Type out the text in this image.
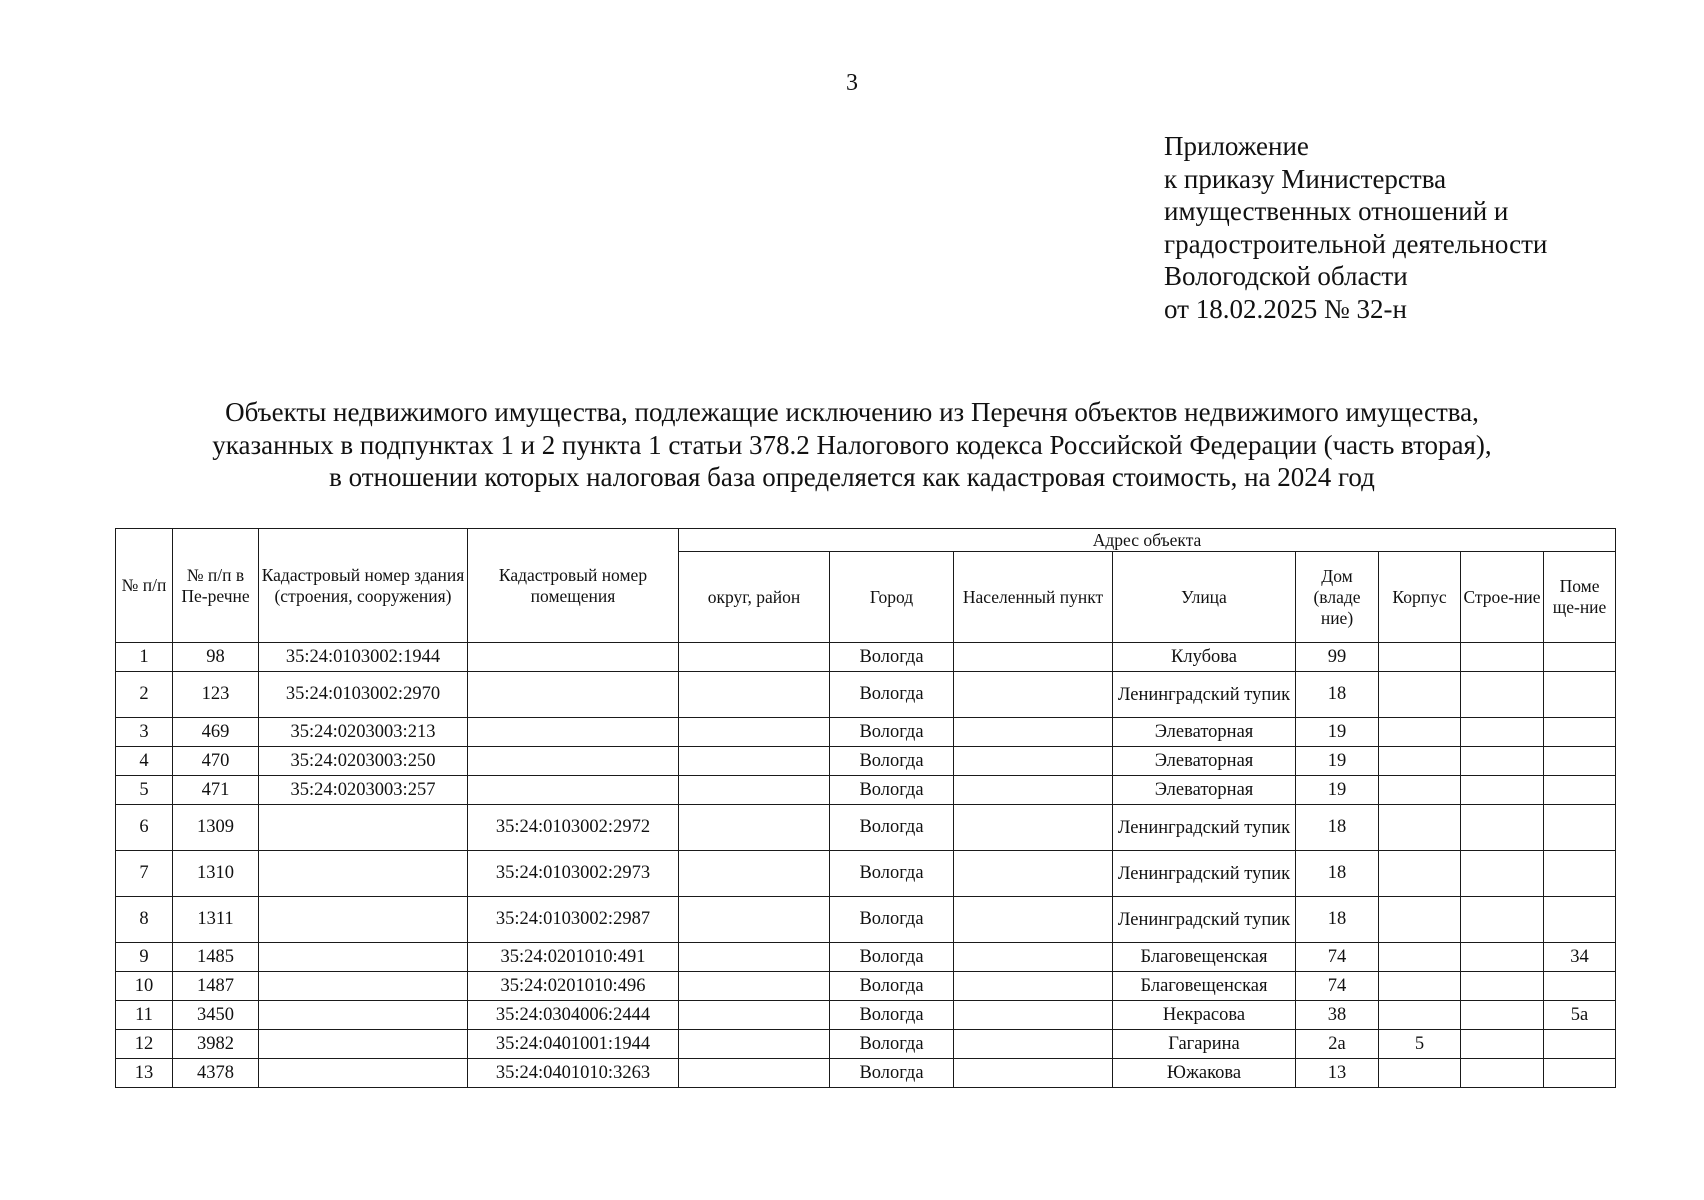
3
Приложение
к приказу Министерства
имущественных отношений и
градостроительной деятельности
Вологодской области
от 18.02.2025 № 32-н
Объекты недвижимого имущества, подлежащие исключению из Перечня объектов недвижимого имущества,
указанных в подпунктах 1 и 2 пункта 1 статьи 378.2 Налогового кодекса Российской Федерации (часть вторая),
в отношении которых налоговая база определяется как кадастровая стоимость, на 2024 год
№ п/п	№ п/п в Пе-речне	Кадастровый номер здания (строения, сооружения)	Кадастровый номер помещения	Адрес объекта							
				округ, район	Город	Населенный пункт	Улица	Дом (владе ние)	Корпус	Строе-ние	Поме ще-ние
1	98	35:24:0103002:1944			Вологда		Клубова	99			
2	123	35:24:0103002:2970			Вологда		Ленинградский тупик	18			
3	469	35:24:0203003:213			Вологда		Элеваторная	19			
4	470	35:24:0203003:250			Вологда		Элеваторная	19			
5	471	35:24:0203003:257			Вологда		Элеваторная	19			
6	1309		35:24:0103002:2972		Вологда		Ленинградский тупик	18			
7	1310		35:24:0103002:2973		Вологда		Ленинградский тупик	18			
8	1311		35:24:0103002:2987		Вологда		Ленинградский тупик	18			
9	1485		35:24:0201010:491		Вологда		Благовещенская	74			34
10	1487		35:24:0201010:496		Вологда		Благовещенская	74			
11	3450		35:24:0304006:2444		Вологда		Некрасова	38			5а
12	3982		35:24:0401001:1944		Вологда		Гагарина	2а	5		
13	4378		35:24:0401010:3263		Вологда		Южакова	13			
